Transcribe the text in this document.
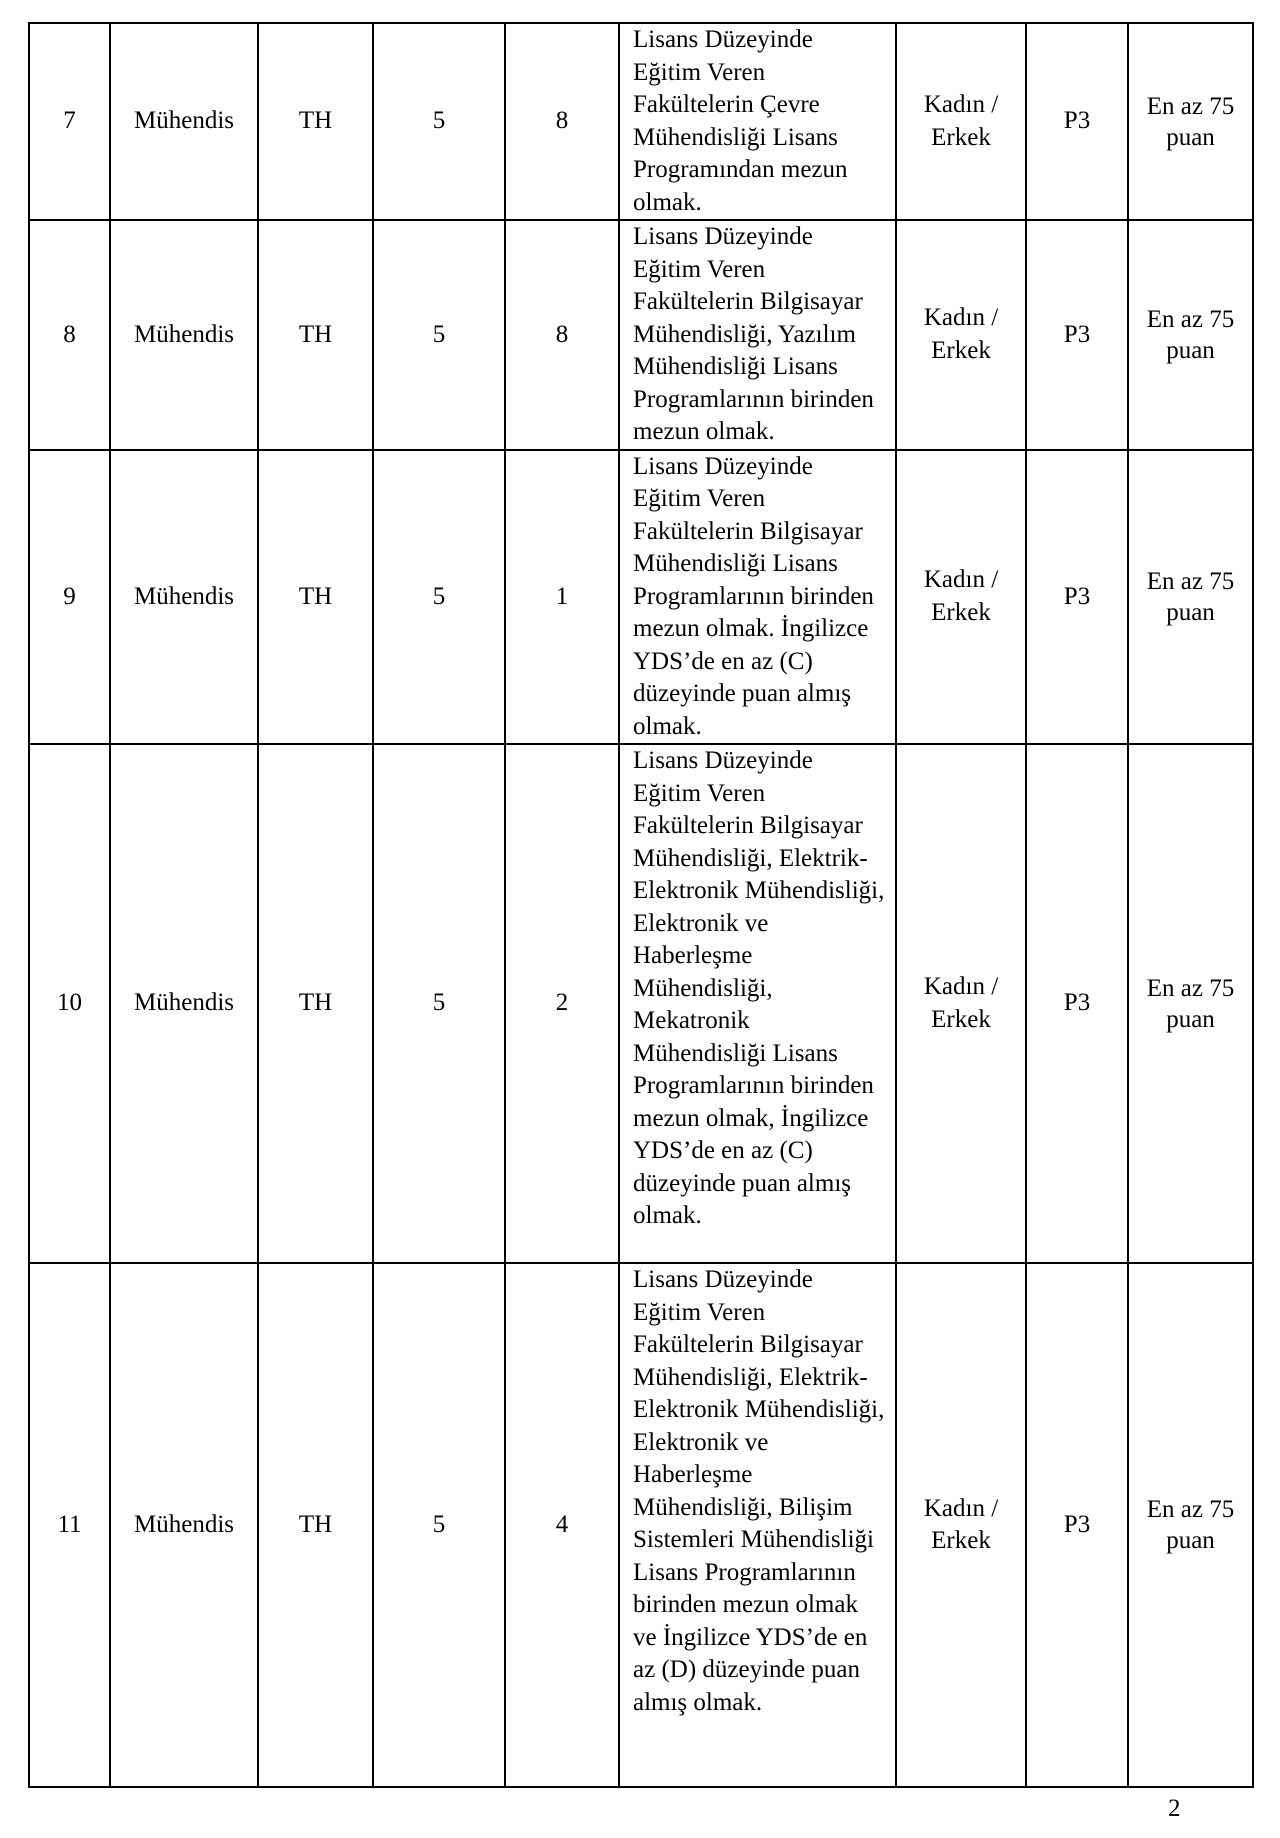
7	Mühendis	TH	5	8	Lisans Düzeyinde Eğitim Veren Fakültelerin Çevre Mühendisliği Lisans Programından mezun olmak.	Kadın / Erkek	P3	En az 75 puan

8	Mühendis	TH	5	8	Lisans Düzeyinde Eğitim Veren Fakültelerin Bilgisayar Mühendisliği, Yazılım Mühendisliği Lisans Programlarının birinden mezun olmak.	Kadın / Erkek	P3	En az 75 puan

9	Mühendis	TH	5	1	Lisans Düzeyinde Eğitim Veren Fakültelerin Bilgisayar Mühendisliği Lisans Programlarının birinden mezun olmak. İngilizce YDS’de en az (C) düzeyinde puan almış olmak.	Kadın / Erkek	P3	En az 75 puan

10	Mühendis	TH	5	2	Lisans Düzeyinde Eğitim Veren Fakültelerin Bilgisayar Mühendisliği, Elektrik-Elektronik Mühendisliği, Elektronik ve Haberleşme Mühendisliği, Mekatronik Mühendisliği Lisans Programlarının birinden mezun olmak, İngilizce YDS’de en az (C) düzeyinde puan almış olmak.	Kadın / Erkek	P3	En az 75 puan

11	Mühendis	TH	5	4	Lisans Düzeyinde Eğitim Veren Fakültelerin Bilgisayar Mühendisliği, Elektrik-Elektronik Mühendisliği, Elektronik ve Haberleşme Mühendisliği, Bilişim Sistemleri Mühendisliği Lisans Programlarının birinden mezun olmak ve İngilizce YDS’de en az (D) düzeyinde puan almış olmak.	Kadın / Erkek	P3	En az 75 puan
2
